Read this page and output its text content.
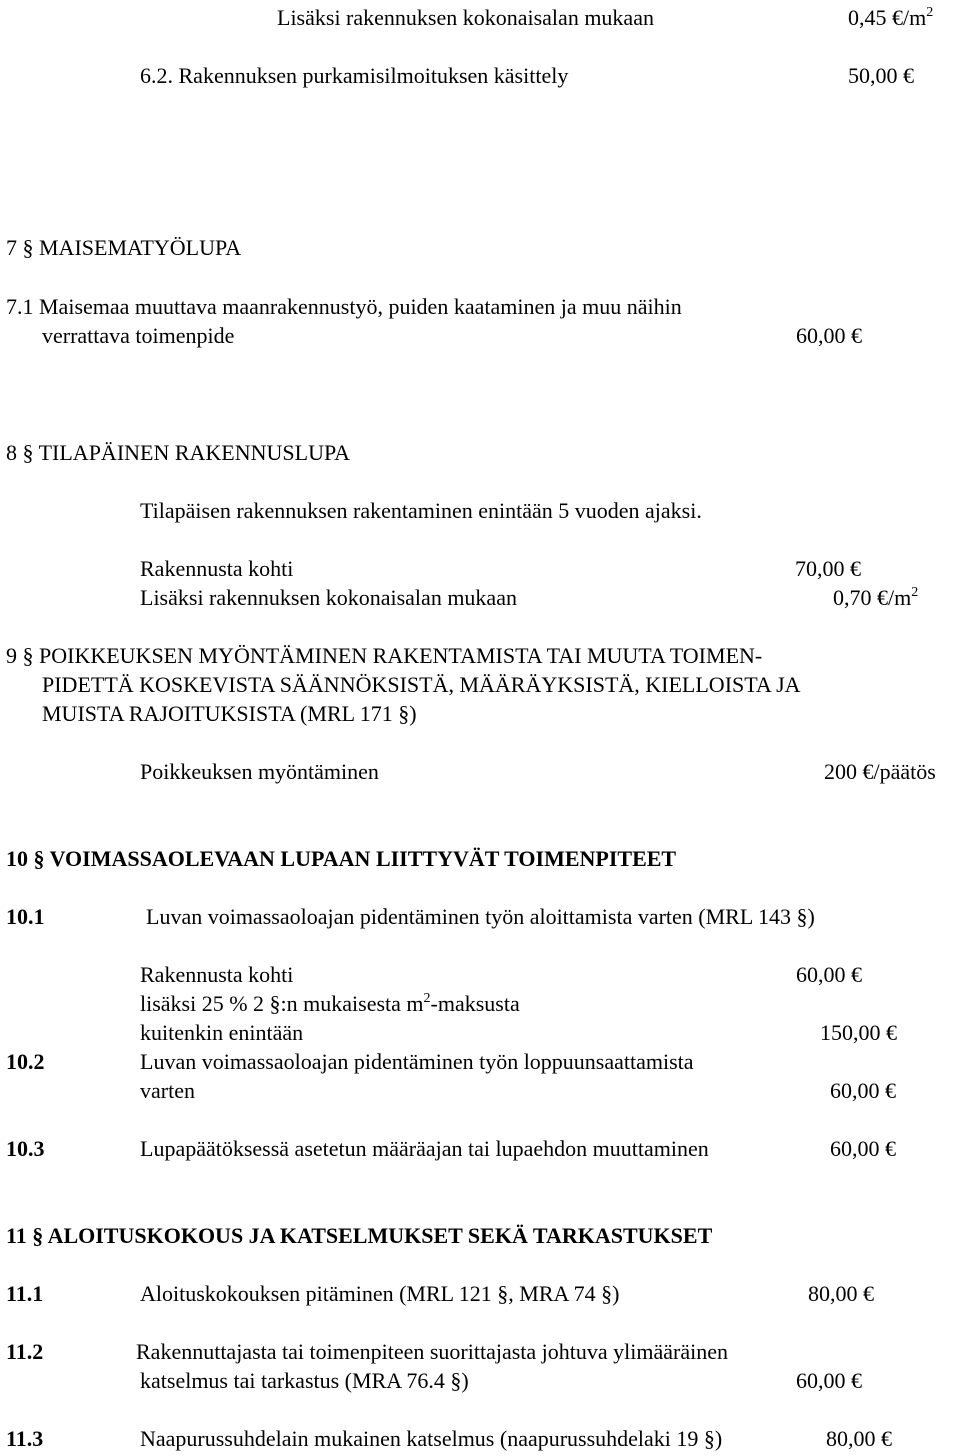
Lisäksi rakennuksen kokonaisalan mukaan	0,45 $€/m^2$
6.2. Rakennuksen purkamisilmoituksen käsittely	50,00 €
7 § MAISEMATYÖLUPA
7.1 Maisemaa muuttava maanrakennustyö, puiden kaataminen ja muu näihin
verrattava toimenpide	60,00 €
8 § TILAPÄINEN RAKENNUSLUPA
Tilapäisen rakennuksen rakentaminen enintään 5 vuoden ajaksi.
Rakennusta kohti	70,00 €
Lisäksi rakennuksen kokonaisalan mukaan	0,70 $€/m^2$
9 § POIKKEUKSEN MYÖNTÄMINEN RAKENTAMISTA TAI MUUTA TOIMEN-
PIDETTÄ KOSKEVISTA SÄÄNNÖKSISTÄ, MÄÄRÄYKSISTÄ, KIELLOISTA JA
MUISTA RAJOITUKSISTA (MRL 171 §)
Poikkeuksen myöntäminen	200 €/päätös
10 § VOIMASSAOLEVAAN LUPAAN LIITTYVÄT TOIMENPITEET
10.1	Luvan voimassaoloajan pidentäminen työn aloittamista varten (MRL 143 §)
Rakennusta kohti	60,00 €
lisäksi 25 % 2 §:n mukaisesta $m^2$-maksusta
kuitenkin enintään	150,00 €
10.2	Luvan voimassaoloajan pidentäminen työn loppuunsaattamista
varten	60,00 €
10.3	Lupapäätöksessä asetetun määräajan tai lupaehdon muuttaminen	60,00 €
11 § ALOITUSKOKOUS JA KATSELMUKSET SEKÄ TARKASTUKSET
11.1	Aloituskokouksen pitäminen (MRL 121 §, MRA 74 §)	80,00 €
11.2	Rakennuttajasta tai toimenpiteen suorittajasta johtuva ylimääräinen
katselmus tai tarkastus (MRA 76.4 §)	60,00 €
11.3	Naapurussuhdelain mukainen katselmus (naapurussuhdelaki 19 §)	80,00 €
